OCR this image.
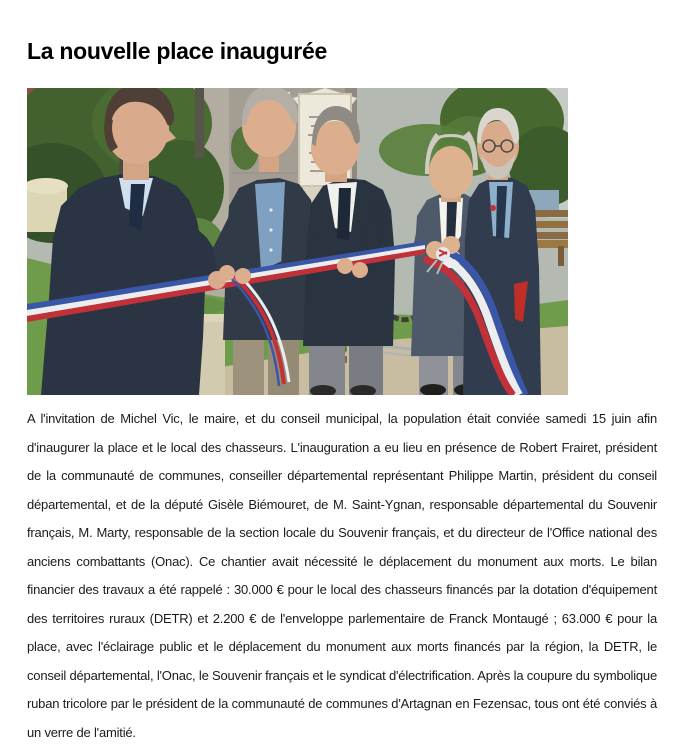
La nouvelle place inaugurée

A l'invitation de Michel Vic, le maire, et du conseil municipal, la population était conviée samedi 15 juin afin d'inaugurer la place et le local des chasseurs. L'inauguration a eu lieu en présence de Robert Frairet, président de la communauté de communes, conseiller départemental représentant Philippe Martin, président du conseil départemental, et de la député Gisèle Biémouret, de M. Saint-Ygnan, responsable départemental du Souvenir français, M. Marty, responsable de la section locale du Souvenir français, et du directeur de l'Office national des anciens combattants (Onac). Ce chantier avait nécessité le déplacement du monument aux morts. Le bilan financier des travaux a été rappelé : 30.000 € pour le local des chasseurs financés par la dotation d'équipement des territoires ruraux (DETR) et 2.200 € de l'enveloppe parlementaire de Franck Montaugé ; 63.000 € pour la place, avec l'éclairage public et le déplacement du monument aux morts financés par la région, la DETR, le conseil départemental, l'Onac, le Souvenir français et le syndicat d'électrification. Après la coupure du symbolique ruban tricolore par le président de la communauté de communes d'Artagnan en Fezensac, tous ont été conviés à un verre de l'amitié.
